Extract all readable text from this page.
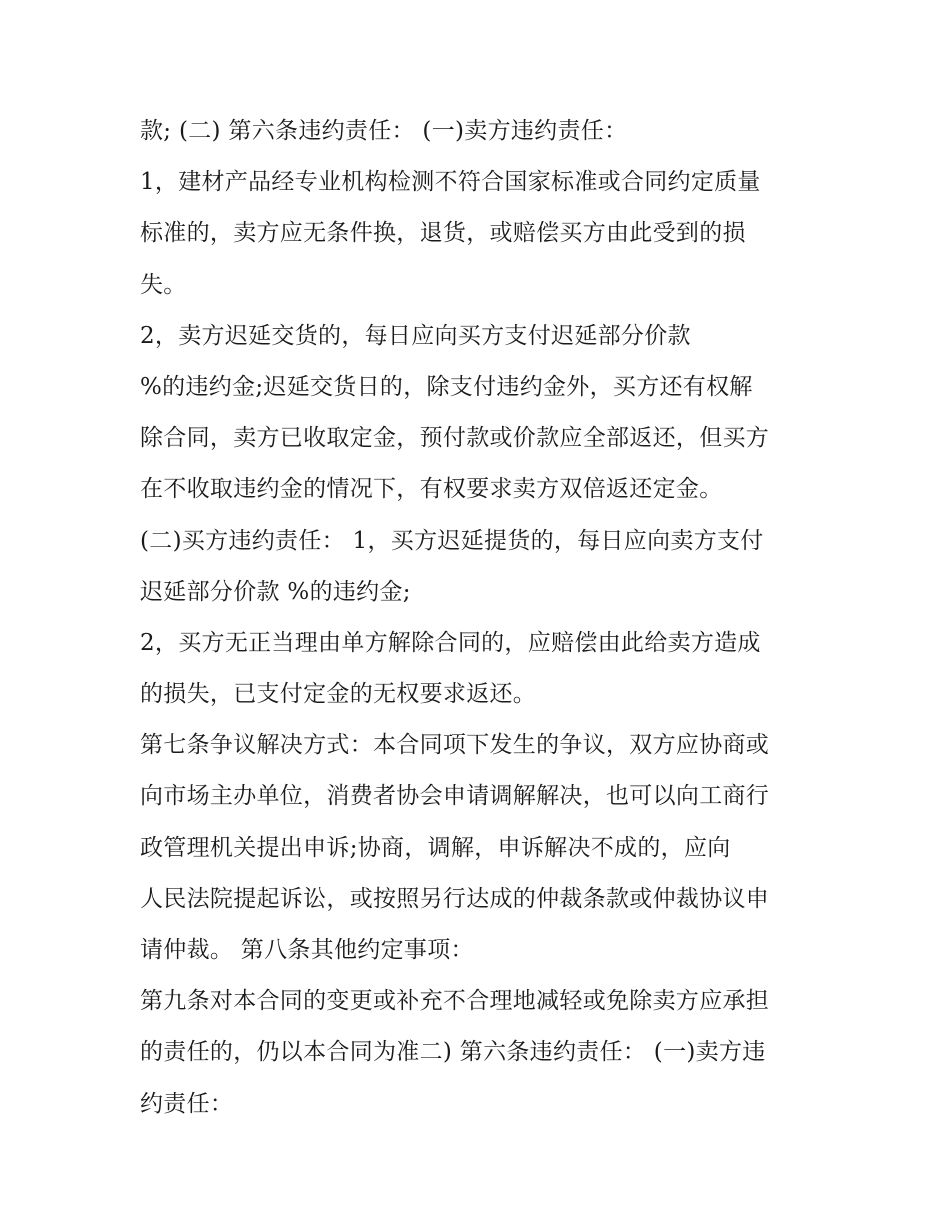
款; (二) 第六条违约责任： (一)卖方违约责任：
1，建材产品经专业机构检测不符合国家标准或合同约定质量
标准的，卖方应无条件换，退货，或赔偿买方由此受到的损
失。
2，卖方迟延交货的，每日应向买方支付迟延部分价款
%的违约金;迟延交货日的，除支付违约金外，买方还有权解
除合同，卖方已收取定金，预付款或价款应全部返还，但买方
在不收取违约金的情况下，有权要求卖方双倍返还定金。
(二)买方违约责任： 1，买方迟延提货的，每日应向卖方支付
迟延部分价款 %的违约金;
2，买方无正当理由单方解除合同的，应赔偿由此给卖方造成
的损失，已支付定金的无权要求返还。
第七条争议解决方式：本合同项下发生的争议，双方应协商或
向市场主办单位，消费者协会申请调解解决，也可以向工商行
政管理机关提出申诉;协商，调解，申诉解决不成的，应向
人民法院提起诉讼，或按照另行达成的仲裁条款或仲裁协议申
请仲裁。 第八条其他约定事项：
第九条对本合同的变更或补充不合理地减轻或免除卖方应承担
的责任的，仍以本合同为准二) 第六条违约责任： (一)卖方违
约责任：
